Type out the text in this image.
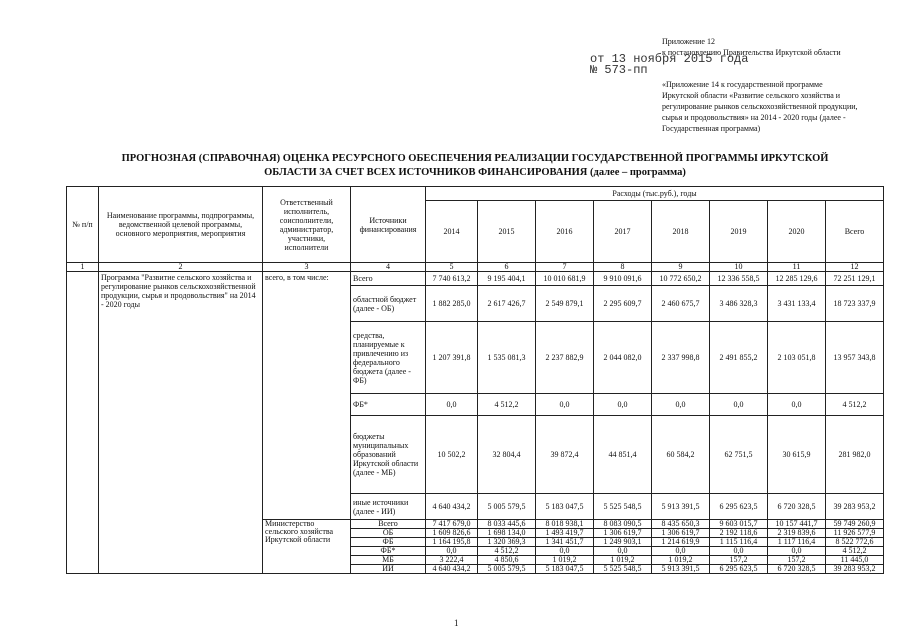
Приложение 12
к постановлению Правительства Иркутской области
от 13 ноября 2015 года
№ 573-пп
«Приложение 14 к государственной программе
Иркутской области «Развитие сельского хозяйства и
регулирование рынков сельскохозяйственной продукции,
сырья и продовольствия» на 2014 - 2020 годы (далее -
Государственная программа)
ПРОГНОЗНАЯ (СПРАВОЧНАЯ) ОЦЕНКА РЕСУРСНОГО ОБЕСПЕЧЕНИЯ РЕАЛИЗАЦИИ ГОСУДАРСТВЕННОЙ ПРОГРАММЫ ИРКУТСКОЙ
ОБЛАСТИ ЗА СЧЕТ ВСЕХ ИСТОЧНИКОВ ФИНАНСИРОВАНИЯ (далее – программа)
№ п/п	Наименование программы, подпрограммы, ведомственной целевой программы, основного мероприятия, мероприятия	Ответственный исполнитель, соисполнители, администратор, участники, исполнители	Источники финансирования	Расходы (тыс.руб.), годы							
				2014	2015	2016	2017	2018	2019	2020	Всего
1	2	3	4	5	6	7	8	9	10	11	12
	Программа "Развитие сельского хозяйства и регулирование рынков сельскохозяйственной продукции, сырья и продовольствия" на 2014 - 2020 годы	всего, в том числе:	Всего	7 740 613,2	9 195 404,1	10 010 681,9	9 910 091,6	10 772 650,2	12 336 558,5	12 285 129,6	72 251 129,1
			областной бюджет (далее - ОБ)	1 882 285,0	2 617 426,7	2 549 879,1	2 295 609,7	2 460 675,7	3 486 328,3	3 431 133,4	18 723 337,9
			средства, планируемые к привлечению из федерального бюджета (далее - ФБ)	1 207 391,8	1 535 081,3	2 237 882,9	2 044 082,0	2 337 998,8	2 491 855,2	2 103 051,8	13 957 343,8
			ФБ*	0,0	4 512,2	0,0	0,0	0,0	0,0	0,0	4 512,2
			бюджеты муниципальных образований Иркутской области (далее - МБ)	10 502,2	32 804,4	39 872,4	44 851,4	60 584,2	62 751,5	30 615,9	281 982,0
			иные источники (далее - ИИ)	4 640 434,2	5 005 579,5	5 183 047,5	5 525 548,5	5 913 391,5	6 295 623,5	6 720 328,5	39 283 953,2
		Министерство сельского хозяйства Иркутской области	Всего	7 417 679,0	8 033 445,6	8 018 938,1	8 083 090,5	8 435 650,3	9 603 015,7	10 157 441,7	59 749 260,9
			ОБ	1 609 826,6	1 698 134,0	1 493 419,7	1 306 619,7	1 306 619,7	2 192 118,6	2 319 839,6	11 926 577,9
			ФБ	1 164 195,8	1 320 369,3	1 341 451,7	1 249 903,1	1 214 619,9	1 115 116,4	1 117 116,4	8 522 772,6
			ФБ*	0,0	4 512,2	0,0	0,0	0,0	0,0	0,0	4 512,2
			МБ	3 222,4	4 850,6	1 019,2	1 019,2	1 019,2	157,2	157,2	11 445,0
			ИИ	4 640 434,2	5 005 579,5	5 183 047,5	5 525 548,5	5 913 391,5	6 295 623,5	6 720 328,5	39 283 953,2
1
